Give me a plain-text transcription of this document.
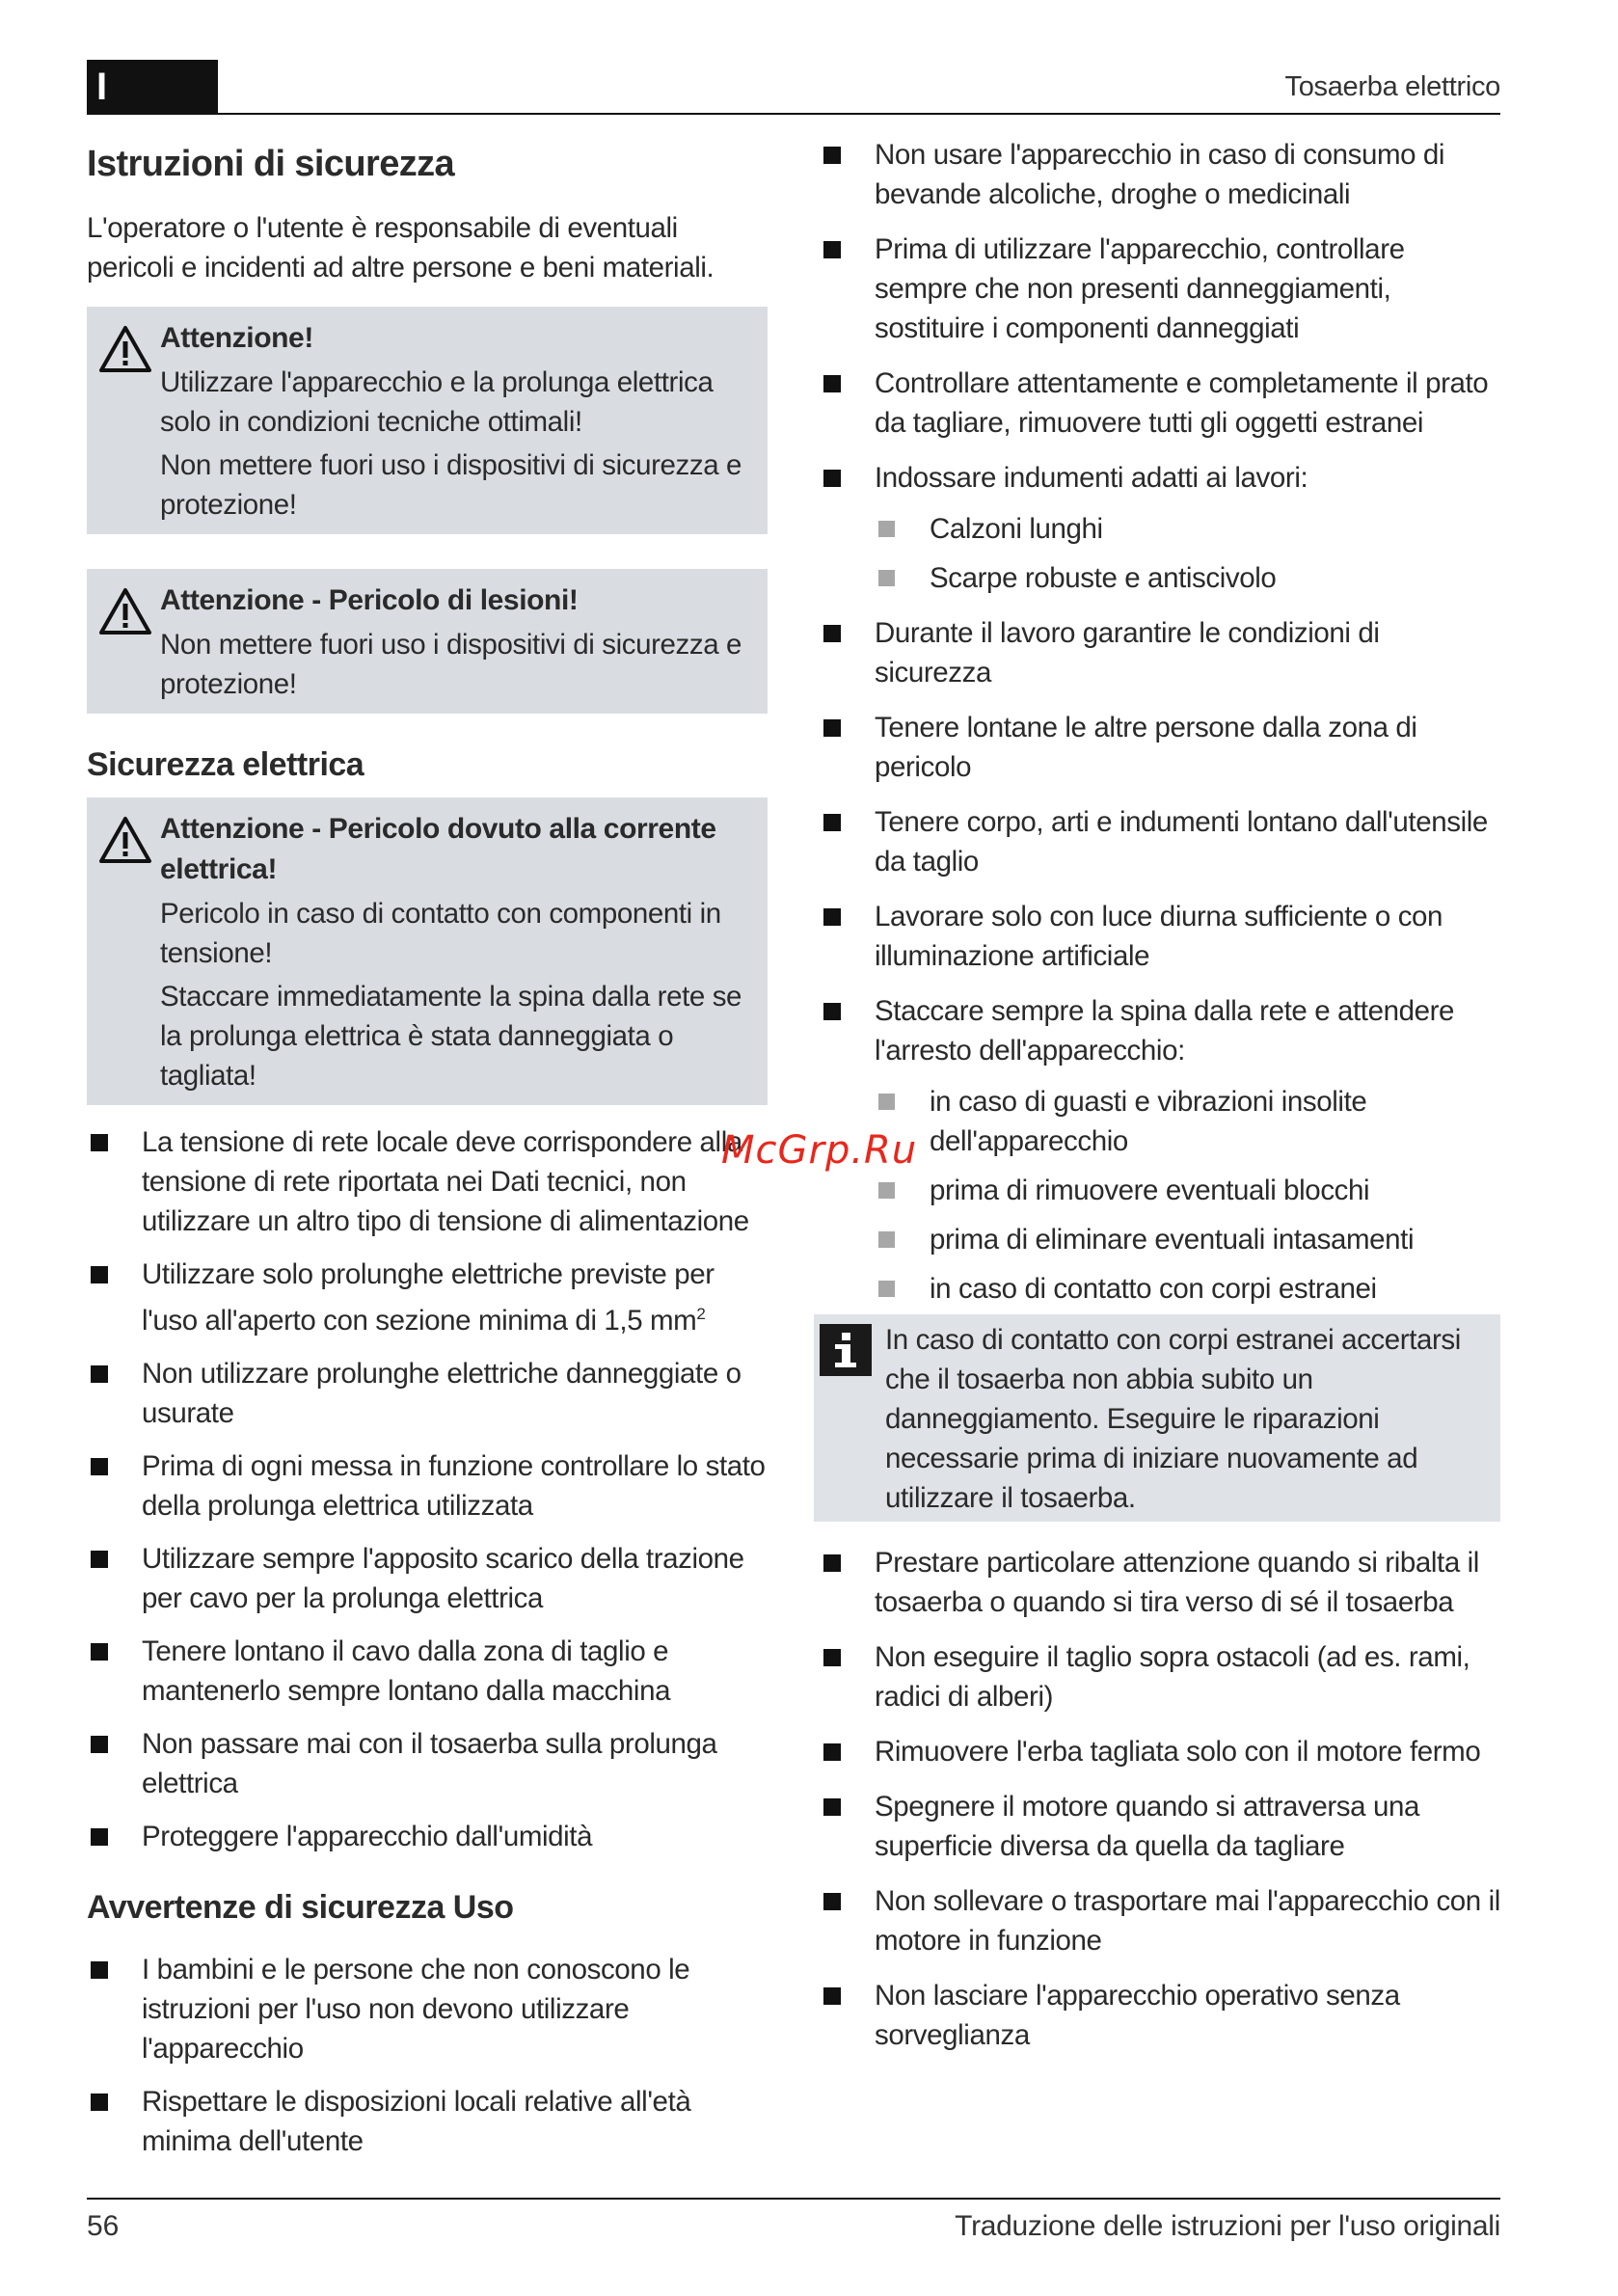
I	Tosaerba elettrico
Istruzioni di sicurezza
L'operatore o l'utente è responsabile di eventuali pericoli e incidenti ad altre persone e beni materiali.
Attenzione!

Utilizzare l'apparecchio e la prolunga elettrica solo in condizioni tecniche ottimali!

Non mettere fuori uso i dispositivi di sicurezza e protezione!

Attenzione - Pericolo di lesioni!

Non mettere fuori uso i dispositivi di sicurezza e protezione!

Sicurezza elettrica
Attenzione - Pericolo dovuto alla corrente elettrica!

Pericolo in caso di contatto con componenti in tensione!

Staccare immediatamente la spina dalla rete se la prolunga elettrica è stata danneggiata o tagliata!

La tensione di rete locale deve corrispondere alla tensione di rete riportata nei Dati tecnici, non utilizzare un altro tipo di tensione di alimentazione
Utilizzare solo prolunghe elettriche previste per l'uso all'aperto con sezione minima di 1,5 $mm^2$
Non utilizzare prolunghe elettriche danneggiate o usurate
Prima di ogni messa in funzione controllare lo stato della prolunga elettrica utilizzata
Utilizzare sempre l'apposito scarico della trazione per cavo per la prolunga elettrica
Tenere lontano il cavo dalla zona di taglio e mantenerlo sempre lontano dalla macchina
Non passare mai con il tosaerba sulla prolunga elettrica
Proteggere l'apparecchio dall'umidità
Avvertenze di sicurezza Uso
I bambini e le persone che non conoscono le istruzioni per l'uso non devono utilizzare l'apparecchio
Rispettare le disposizioni locali relative all'età minima dell'utente
Non usare l'apparecchio in caso di consumo di bevande alcoliche, droghe o medicinali
Prima di utilizzare l'apparecchio, controllare sempre che non presenti danneggiamenti, sostituire i componenti danneggiati
Controllare attentamente e completamente il prato da tagliare, rimuovere tutti gli oggetti estranei
Indossare indumenti adatti ai lavori:
Calzoni lunghi
Scarpe robuste e antiscivolo
Durante il lavoro garantire le condizioni di sicurezza
Tenere lontane le altre persone dalla zona di pericolo
Tenere corpo, arti e indumenti lontano dall'utensile da taglio
Lavorare solo con luce diurna sufficiente o con illuminazione artificiale
Staccare sempre la spina dalla rete e attendere l'arresto dell'apparecchio:
in caso di guasti e vibrazioni insolite dell'apparecchio
prima di rimuovere eventuali blocchi
prima di eliminare eventuali intasamenti
in caso di contatto con corpi estranei
In caso di contatto con corpi estranei accertarsi che il tosaerba non abbia subito un danneggiamento. Eseguire le riparazioni necessarie prima di iniziare nuovamente ad utilizzare il tosaerba.
Prestare particolare attenzione quando si ribalta il tosaerba o quando si tira verso di sé il tosaerba
Non eseguire il taglio sopra ostacoli (ad es. rami, radici di alberi)
Rimuovere l'erba tagliata solo con il motore fermo
Spegnere il motore quando si attraversa una superficie diversa da quella da tagliare
Non sollevare o trasportare mai l'apparecchio con il motore in funzione
Non lasciare l'apparecchio operativo senza sorveglianza
McGrp.Ru
56	Traduzione delle istruzioni per l'uso originali
